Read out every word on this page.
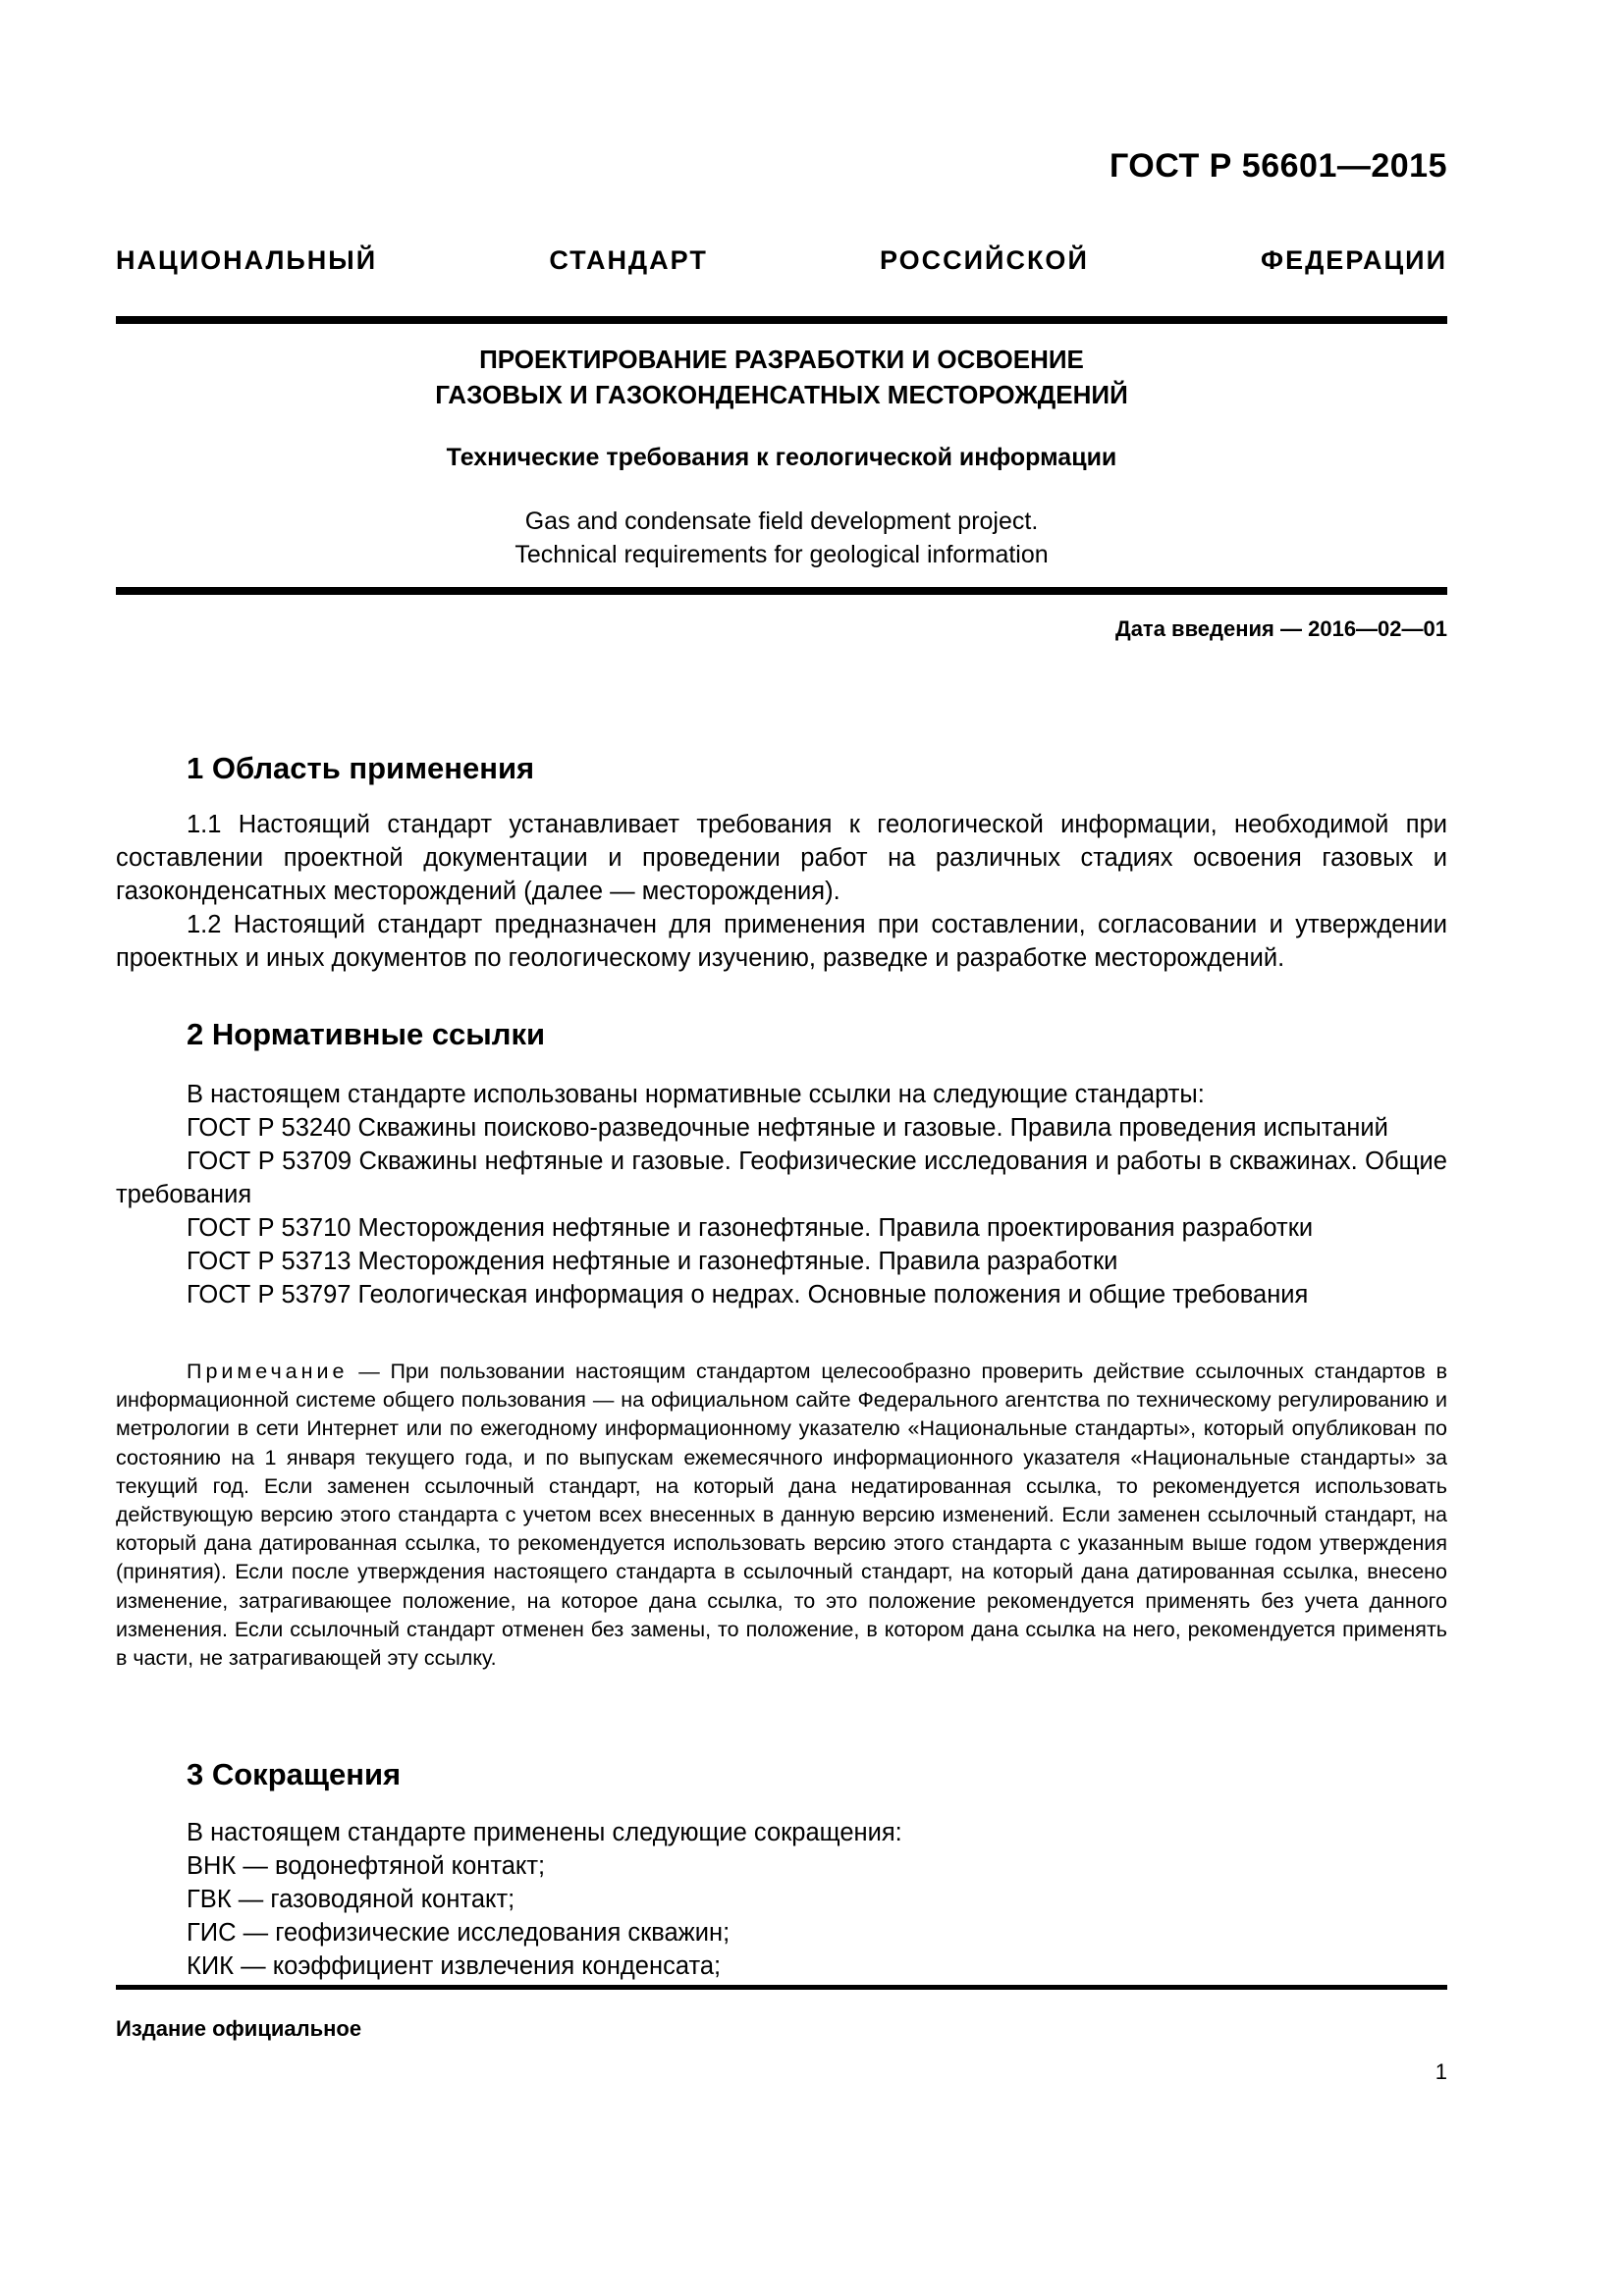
ГОСТ Р 56601—2015
НАЦИОНАЛЬНЫЙ СТАНДАРТ РОССИЙСКОЙ ФЕДЕРАЦИИ
ПРОЕКТИРОВАНИЕ РАЗРАБОТКИ И ОСВОЕНИЕ
ГАЗОВЫХ И ГАЗОКОНДЕНСАТНЫХ МЕСТОРОЖДЕНИЙ
Технические требования к геологической информации
Gas and condensate field development project.
Technical requirements for geological information
Дата введения — 2016—02—01
1 Область применения

1.1 Настоящий стандарт устанавливает требования к геологической информации, необходимой при составлении проектной документации и проведении работ на различных стадиях освоения газовых и газоконденсатных месторождений (далее — месторождения).

1.2 Настоящий стандарт предназначен для применения при составлении, согласовании и утверждении проектных и иных документов по геологическому изучению, разведке и разработке месторождений.

2 Нормативные ссылки

В настоящем стандарте использованы нормативные ссылки на следующие стандарты:

ГОСТ Р 53240 Скважины поисково-разведочные нефтяные и газовые. Правила проведения испытаний

ГОСТ Р 53709 Скважины нефтяные и газовые. Геофизические исследования и работы в скважинах. Общие требования

ГОСТ Р 53710 Месторождения нефтяные и газонефтяные. Правила проектирования разработки

ГОСТ Р 53713 Месторождения нефтяные и газонефтяные. Правила разработки

ГОСТ Р 53797 Геологическая информация о недрах. Основные положения и общие требования

Примечание — При пользовании настоящим стандартом целесообразно проверить действие ссылочных стандартов в информационной системе общего пользования — на официальном сайте Федерального агентства по техническому регулированию и метрологии в сети Интернет или по ежегодному информационному указателю «Национальные стандарты», который опубликован по состоянию на 1 января текущего года, и по выпускам ежемесячного информационного указателя «Национальные стандарты» за текущий год. Если заменен ссылочный стандарт, на который дана недатированная ссылка, то рекомендуется использовать действующую версию этого стандарта с учетом всех внесенных в данную версию изменений. Если заменен ссылочный стандарт, на который дана датированная ссылка, то рекомендуется использовать версию этого стандарта с указанным выше годом утверждения (принятия). Если после утверждения настоящего стандарта в ссылочный стандарт, на который дана датированная ссылка, внесено изменение, затрагивающее положение, на которое дана ссылка, то это положение рекомендуется применять без учета данного изменения. Если ссылочный стандарт отменен без замены, то положение, в котором дана ссылка на него, рекомендуется применять в части, не затрагивающей эту ссылку.
3 Сокращения
В настоящем стандарте применены следующие сокращения:
ВНК — водонефтяной контакт;
ГВК — газоводяной контакт;
ГИС — геофизические исследования скважин;
КИК — коэффициент извлечения конденсата;
Издание официальное
1
